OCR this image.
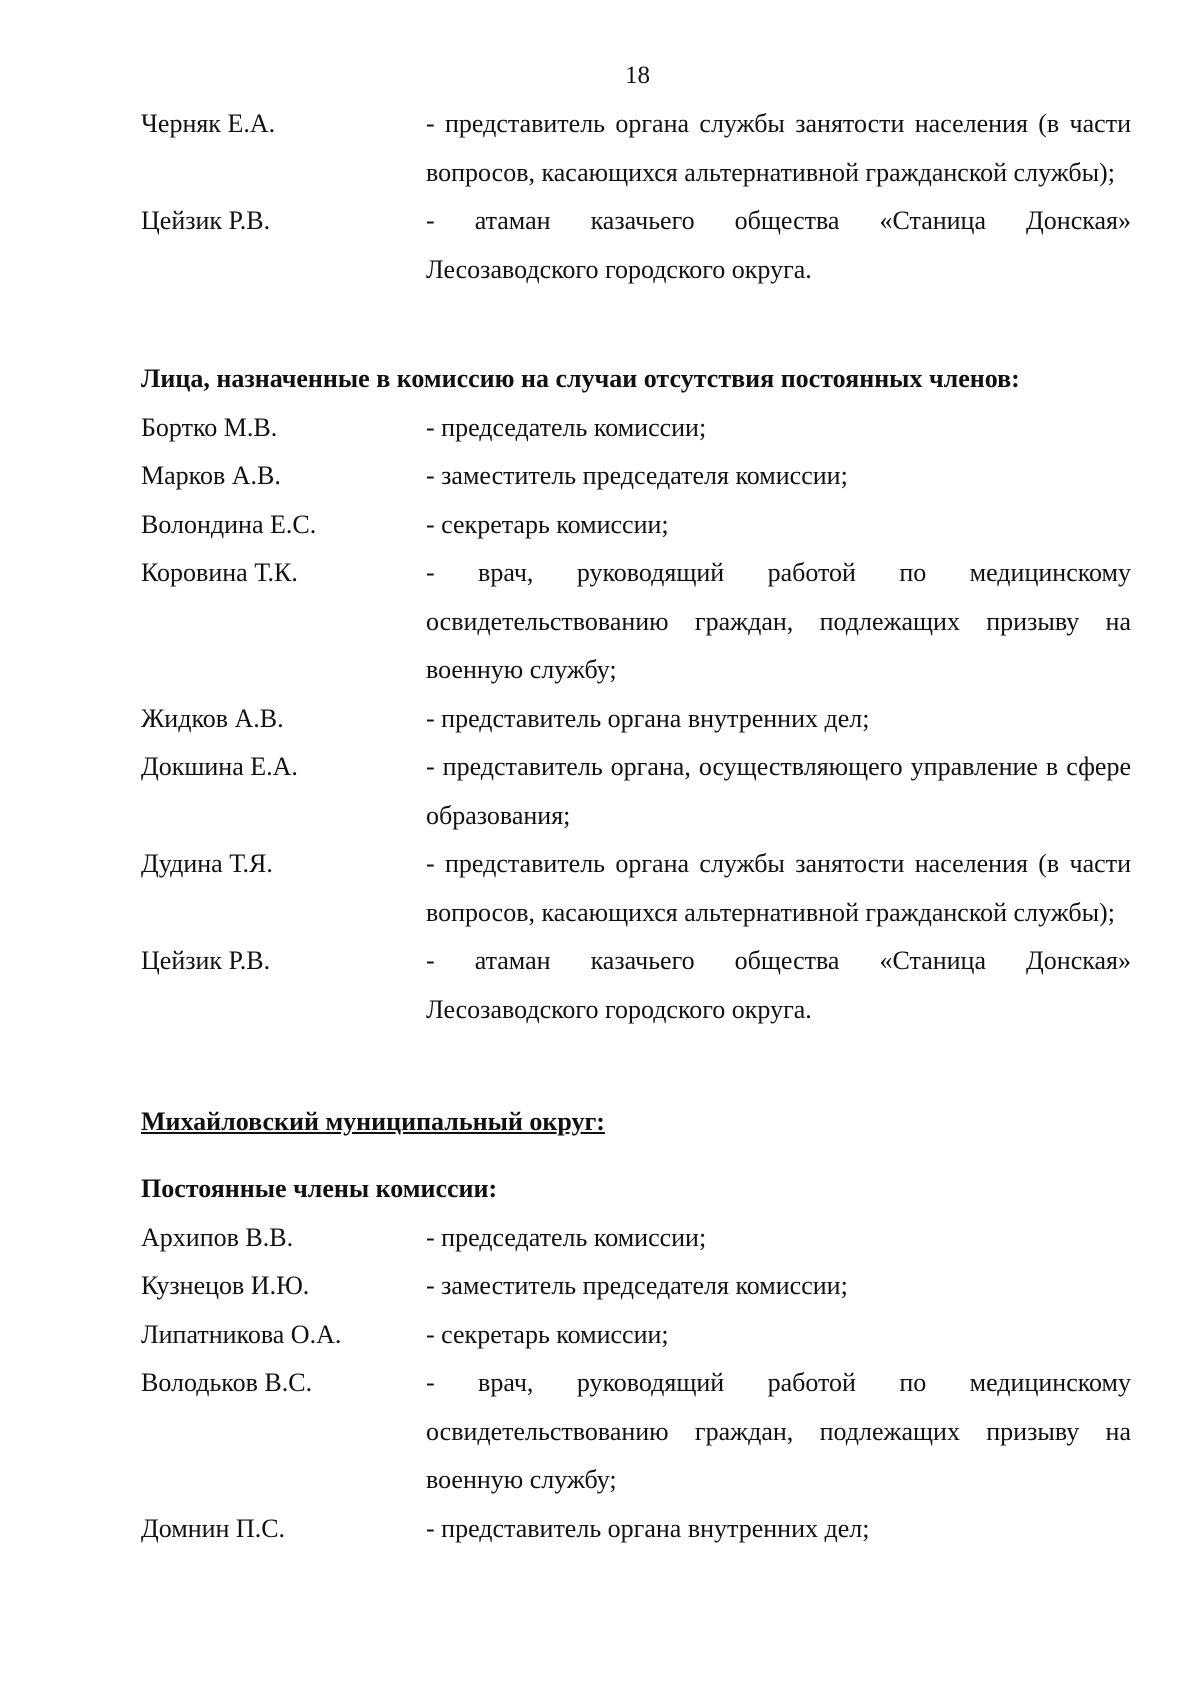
18
Черняк Е.А.	- представитель органа службы занятости населения (в части вопросов, касающихся альтернативной гражданской службы);
Цейзик Р.В.	- атаман казачьего общества «Станица Донская» Лесозаводского городского округа.
Лица, назначенные в комиссию на случаи отсутствия постоянных членов:
Бортко М.В.	- председатель комиссии;
Марков А.В.	- заместитель председателя комиссии;
Волондина Е.С.	- секретарь комиссии;
Коровина Т.К.	- врач, руководящий работой по медицинскому освидетельствованию граждан, подлежащих призыву на военную службу;
Жидков А.В.	- представитель органа внутренних дел;
Докшина Е.А.	- представитель органа, осуществляющего управление в сфере образования;
Дудина Т.Я.	- представитель органа службы занятости населения (в части вопросов, касающихся альтернативной гражданской службы);
Цейзик Р.В.	- атаман казачьего общества «Станица Донская» Лесозаводского городского округа.
Михайловский муниципальный округ:
Постоянные члены комиссии:
Архипов В.В.	- председатель комиссии;
Кузнецов И.Ю.	- заместитель председателя комиссии;
Липатникова О.А.	- секретарь комиссии;
Володьков В.С.	- врач, руководящий работой по медицинскому освидетельствованию граждан, подлежащих призыву на военную службу;
Домнин П.С.	- представитель органа внутренних дел;
